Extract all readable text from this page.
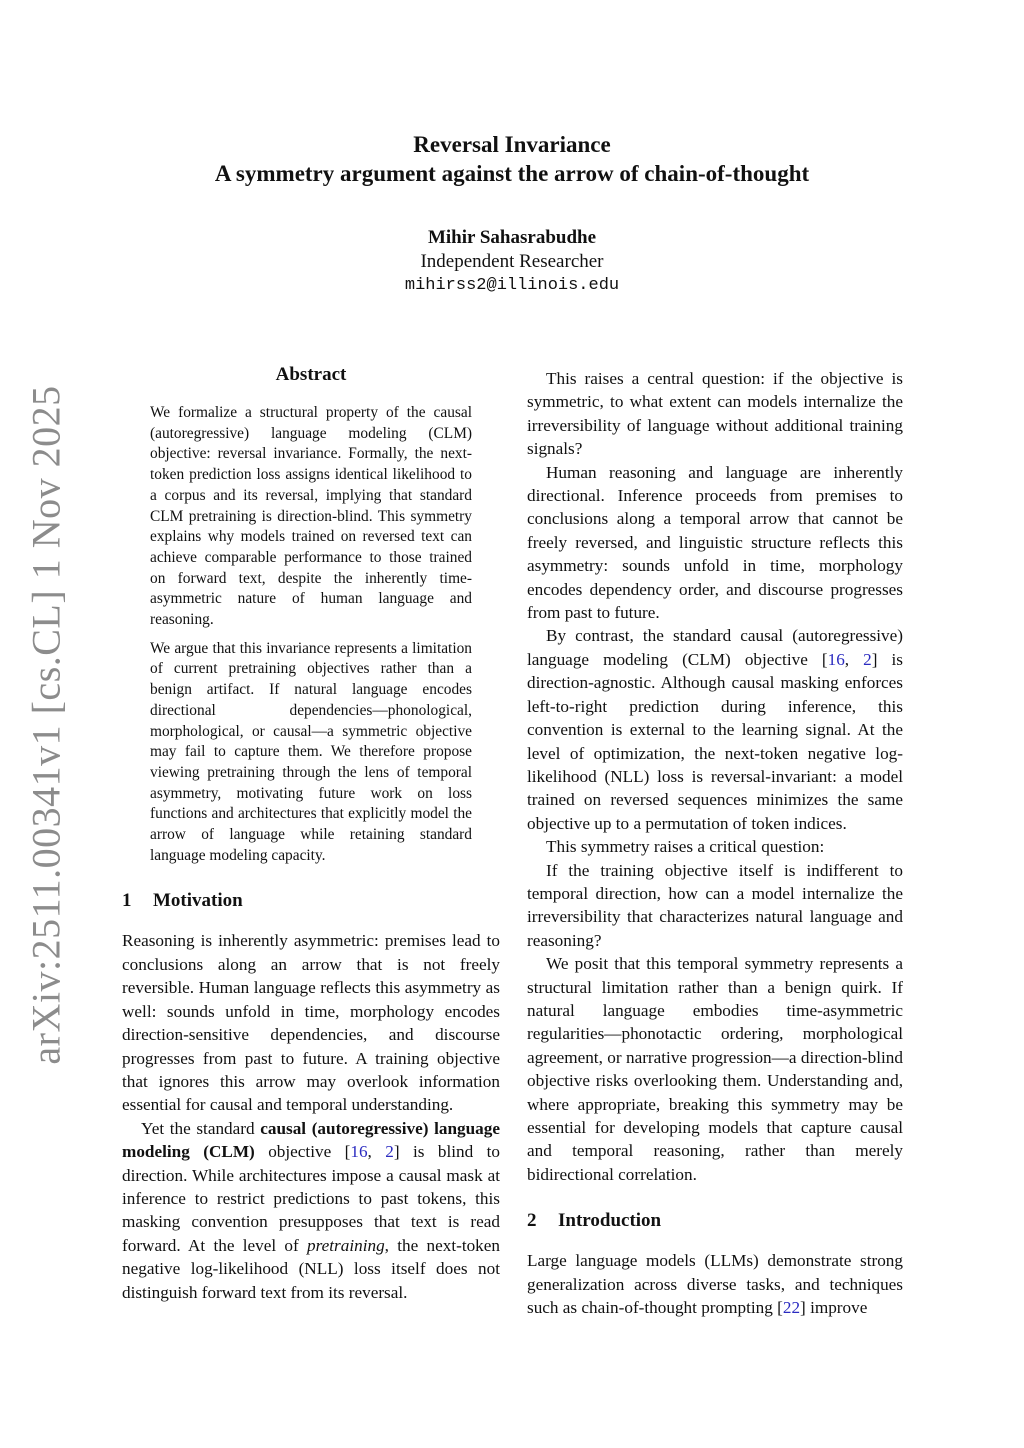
arXiv:2511.00341v1 [cs.CL] 1 Nov 2025
Reversal Invariance
A symmetry argument against the arrow of chain-of-thought
Mihir Sahasrabudhe
Independent Researcher
mihirss2@illinois.edu
Abstract

We formalize a structural property of the causal (autoregressive) language modeling (CLM) objective: reversal invariance. Formally, the next-token prediction loss assigns identical likelihood to a corpus and its reversal, implying that standard CLM pretraining is direction-blind. This symmetry explains why models trained on reversed text can achieve comparable performance to those trained on forward text, despite the inherently time-asymmetric nature of human language and reasoning.

We argue that this invariance represents a limitation of current pretraining objectives rather than a benign artifact. If natural language encodes directional dependencies—phonological, morphological, or causal—a symmetric objective may fail to capture them. We therefore propose viewing pretraining through the lens of temporal asymmetry, motivating future work on loss functions and architectures that explicitly model the arrow of language while retaining standard language modeling capacity.

1	Motivation

Reasoning is inherently asymmetric: premises lead to conclusions along an arrow that is not freely reversible. Human language reflects this asymmetry as well: sounds unfold in time, morphology encodes direction-sensitive dependencies, and discourse progresses from past to future. A training objective that ignores this arrow may overlook information essential for causal and temporal understanding.

Yet the standard causal (autoregressive) language modeling (CLM) objective [16, 2] is blind to direction. While architectures impose a causal mask at inference to restrict predictions to past tokens, this masking convention presupposes that text is read forward. At the level of pretraining, the next-token negative log-likelihood (NLL) loss itself does not distinguish forward text from its reversal.

This raises a central question: if the objective is symmetric, to what extent can models internalize the irreversibility of language without additional training signals?

Human reasoning and language are inherently directional. Inference proceeds from premises to conclusions along a temporal arrow that cannot be freely reversed, and linguistic structure reflects this asymmetry: sounds unfold in time, morphology encodes dependency order, and discourse progresses from past to future.

By contrast, the standard causal (autoregressive) language modeling (CLM) objective [16, 2] is direction-agnostic. Although causal masking enforces left-to-right prediction during inference, this convention is external to the learning signal. At the level of optimization, the next-token negative log-likelihood (NLL) loss is reversal-invariant: a model trained on reversed sequences minimizes the same objective up to a permutation of token indices.

This symmetry raises a critical question:

If the training objective itself is indifferent to temporal direction, how can a model internalize the irreversibility that characterizes natural language and reasoning?

We posit that this temporal symmetry represents a structural limitation rather than a benign quirk. If natural language embodies time-asymmetric regularities—phonotactic ordering, morphological agreement, or narrative progression—a direction-blind objective risks overlooking them. Understanding and, where appropriate, breaking this symmetry may be essential for developing models that capture causal and temporal reasoning, rather than merely bidirectional correlation.

2	Introduction

Large language models (LLMs) demonstrate strong generalization across diverse tasks, and techniques such as chain-of-thought prompting [22] improve
